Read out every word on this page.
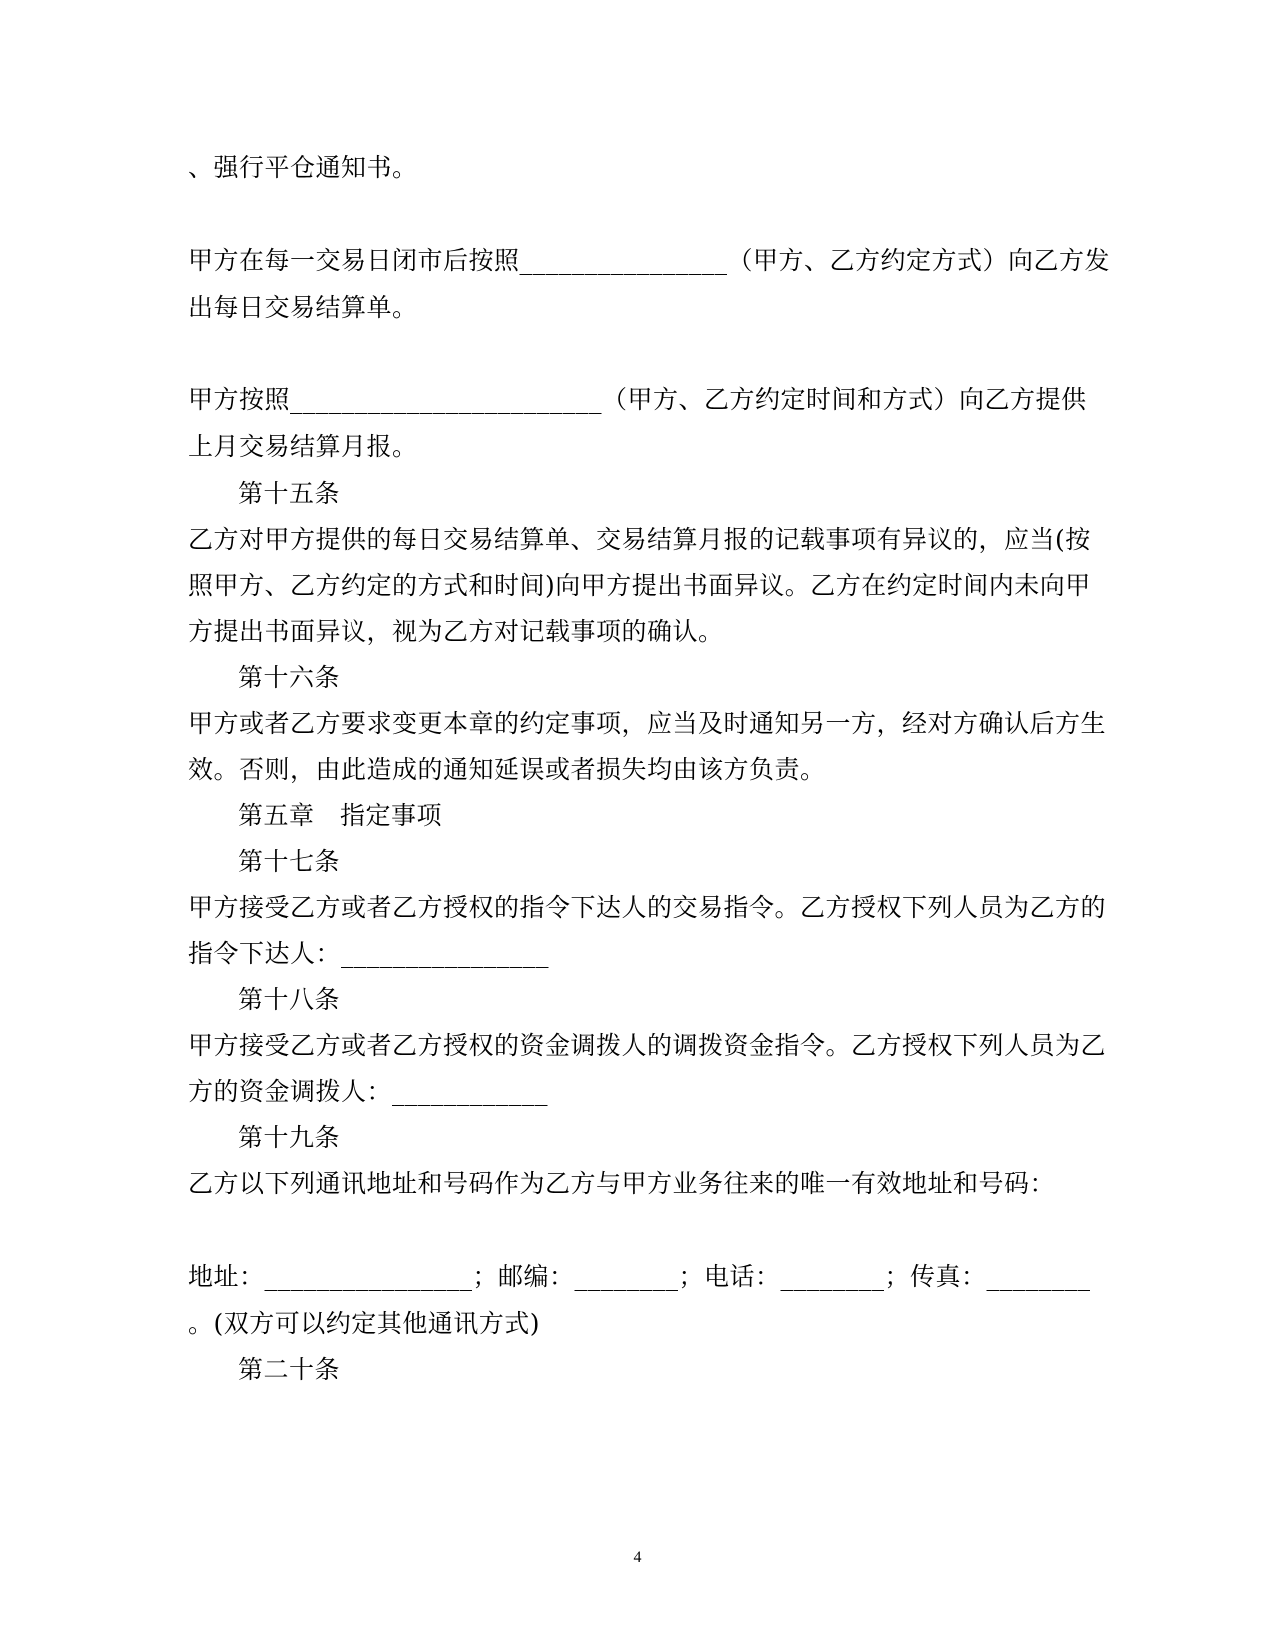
、强行平仓通知书。
甲方在每一交易日闭市后按照________________（甲方、乙方约定方式）向乙方发
出每日交易结算单。
甲方按照________________________（甲方、乙方约定时间和方式）向乙方提供
上月交易结算月报。
第十五条
乙方对甲方提供的每日交易结算单、交易结算月报的记载事项有异议的，应当(按
照甲方、乙方约定的方式和时间)向甲方提出书面异议。乙方在约定时间内未向甲
方提出书面异议，视为乙方对记载事项的确认。
第十六条
甲方或者乙方要求变更本章的约定事项，应当及时通知另一方，经对方确认后方生
效。否则，由此造成的通知延误或者损失均由该方负责。
第五章　指定事项
第十七条
甲方接受乙方或者乙方授权的指令下达人的交易指令。乙方授权下列人员为乙方的
指令下达人：________________
第十八条
甲方接受乙方或者乙方授权的资金调拨人的调拨资金指令。乙方授权下列人员为乙
方的资金调拨人：____________
第十九条
乙方以下列通讯地址和号码作为乙方与甲方业务往来的唯一有效地址和号码：
地址：________________；邮编：________；电话：________；传真：________
。(双方可以约定其他通讯方式)
第二十条
4
